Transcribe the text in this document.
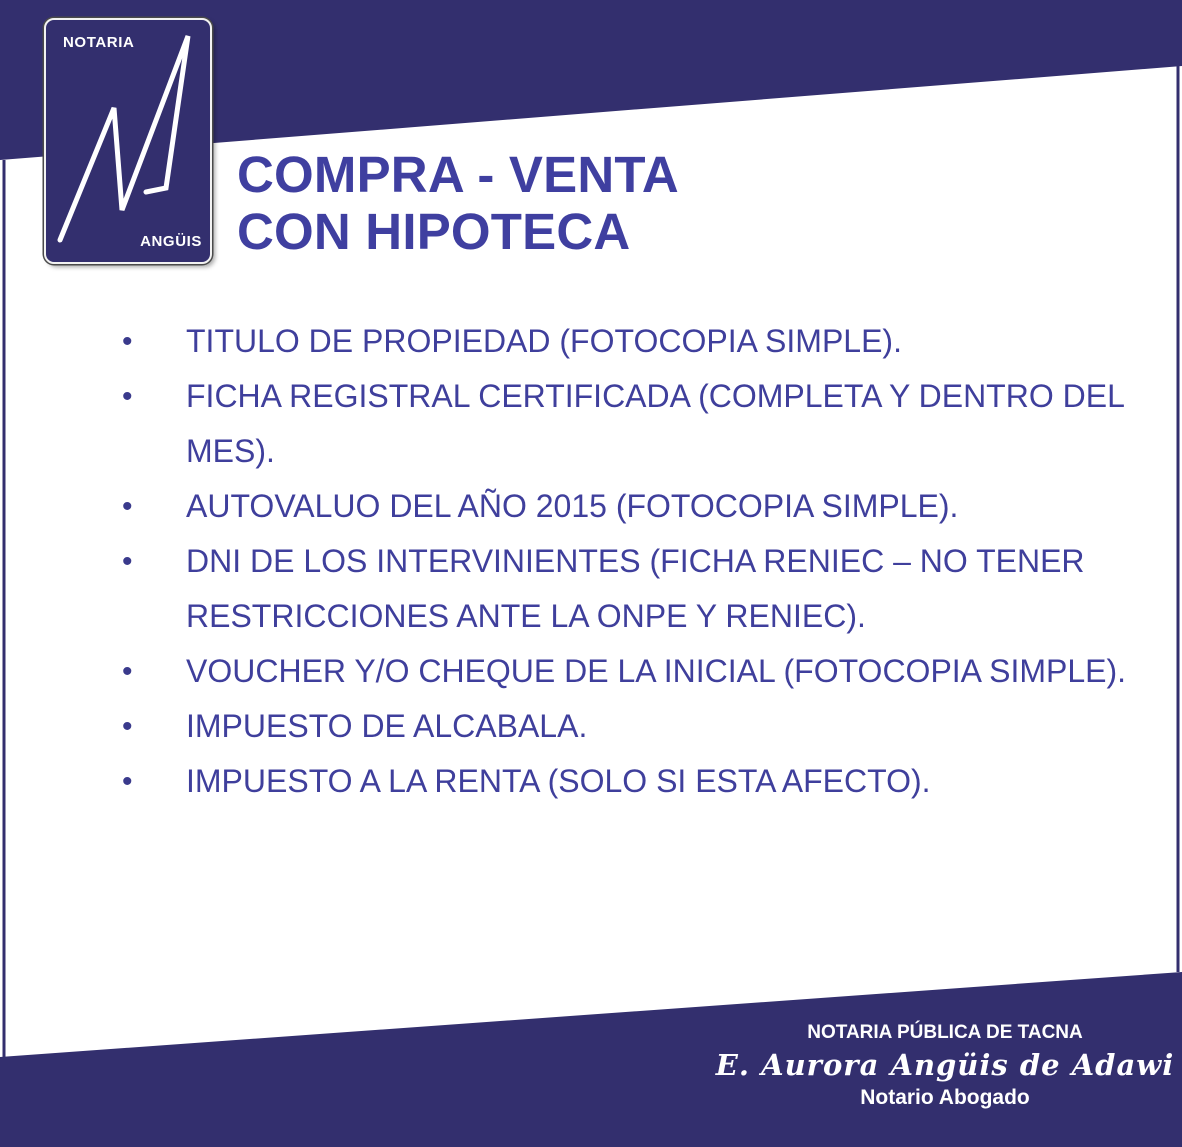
NOTARIA
ANGÜIS
COMPRA - VENTA
CON HIPOTECA
• TITULO DE PROPIEDAD (FOTOCOPIA SIMPLE).
• FICHA REGISTRAL CERTIFICADA (COMPLETA Y DENTRO DEL MES).
• AUTOVALUO DEL AÑO 2015 (FOTOCOPIA SIMPLE).
• DNI DE LOS INTERVINIENTES (FICHA RENIEC – NO TENER RESTRICCIONES ANTE LA ONPE Y RENIEC).
• VOUCHER Y/O CHEQUE DE LA INICIAL (FOTOCOPIA SIMPLE).
• IMPUESTO DE ALCABALA.
• IMPUESTO A LA RENTA (SOLO SI ESTA AFECTO).
NOTARIA PÚBLICA DE TACNA
E. Aurora Angüis de Adawi
Notario Abogado
